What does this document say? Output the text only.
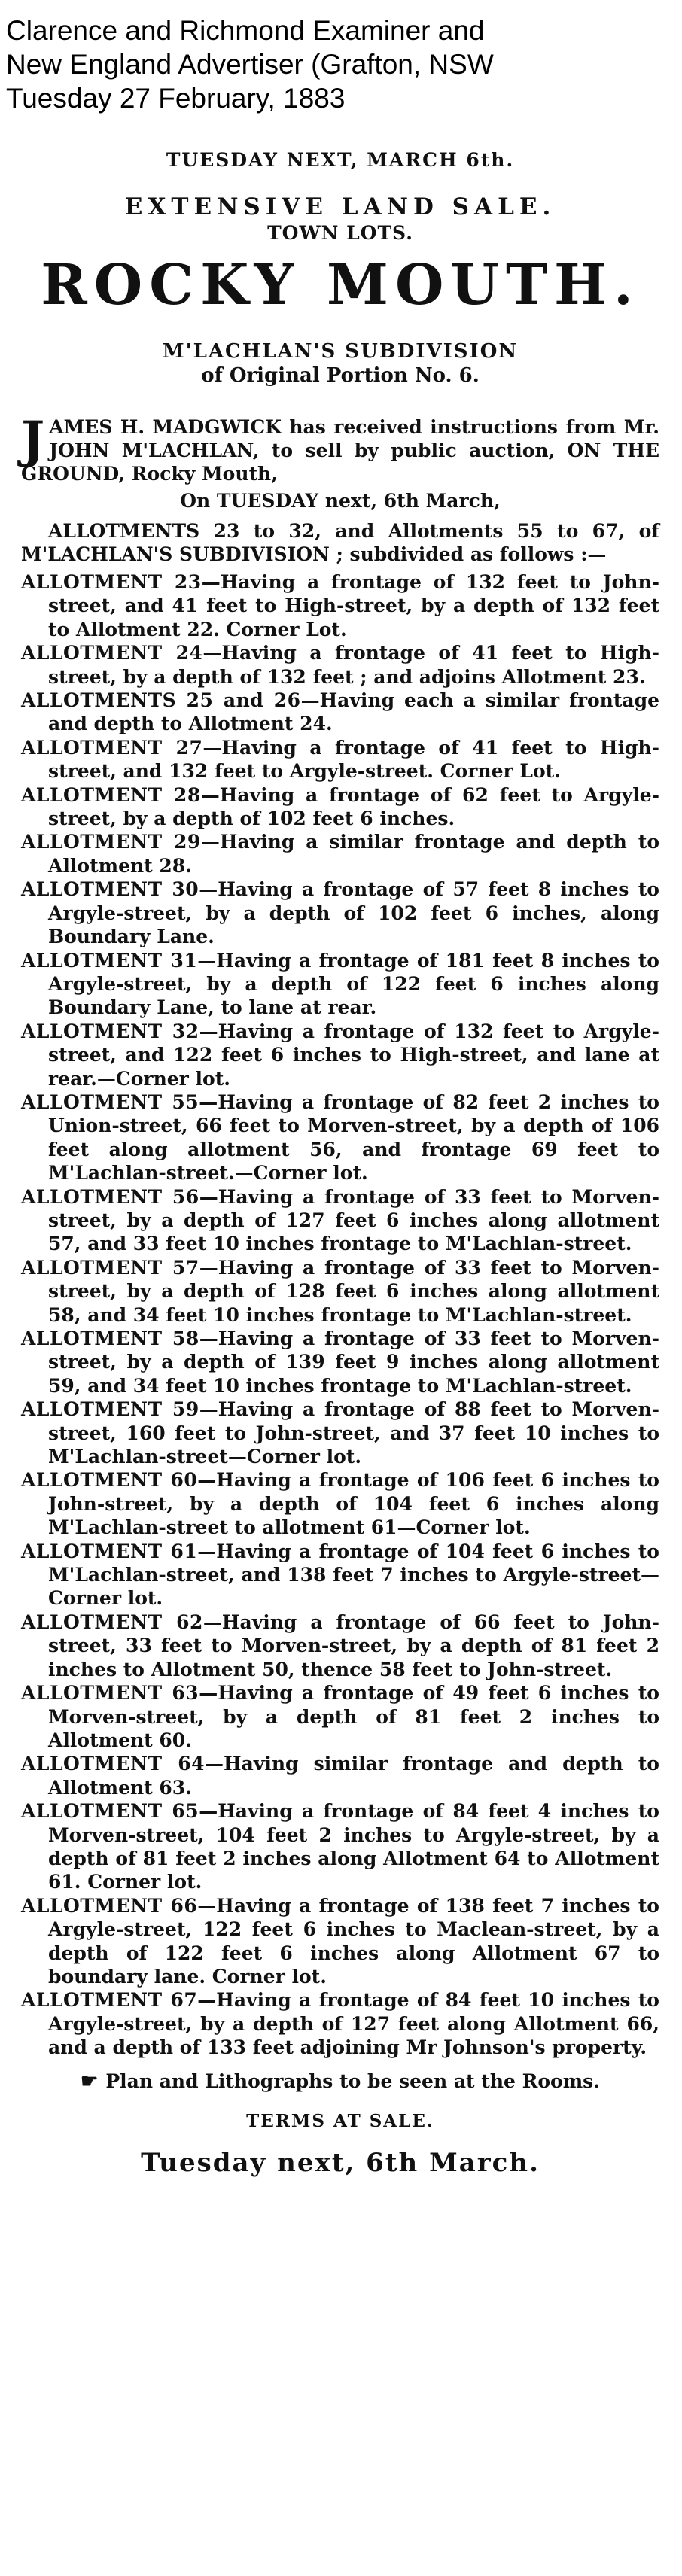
Clarence and Richmond Examiner and
New England Advertiser (Grafton, NSW
Tuesday 27 February, 1883
TUESDAY NEXT, MARCH 6th.
EXTENSIVE LAND SALE.
TOWN LOTS.
ROCKY MOUTH.
M'LACHLAN'S SUBDIVISION
of Original Portion No. 6.
J AMES H. MADGWICK has received instructions from Mr. JOHN M'LACHLAN, to sell by public auction, ON THE GROUND, Rocky Mouth,
On TUESDAY next, 6th March,
ALLOTMENTS 23 to 32, and Allotments 55 to 67, of M'LACHLAN'S SUBDIVISION ; subdivided as follows :—
ALLOTMENT 23—Having a frontage of 132 feet to John-street, and 41 feet to High-street, by a depth of 132 feet to Allotment 22. Corner Lot.
ALLOTMENT 24—Having a frontage of 41 feet to High-street, by a depth of 132 feet ; and adjoins Allotment 23.
ALLOTMENTS 25 and 26—Having each a similar frontage and depth to Allotment 24.
ALLOTMENT 27—Having a frontage of 41 feet to High-street, and 132 feet to Argyle-street. Corner Lot.
ALLOTMENT 28—Having a frontage of 62 feet to Argyle-street, by a depth of 102 feet 6 inches.
ALLOTMENT 29—Having a similar frontage and depth to Allotment 28.
ALLOTMENT 30—Having a frontage of 57 feet 8 inches to Argyle-street, by a depth of 102 feet 6 inches, along Boundary Lane.
ALLOTMENT 31—Having a frontage of 181 feet 8 inches to Argyle-street, by a depth of 122 feet 6 inches along Boundary Lane, to lane at rear.
ALLOTMENT 32—Having a frontage of 132 feet to Argyle-street, and 122 feet 6 inches to High-street, and lane at rear.—Corner lot.
ALLOTMENT 55—Having a frontage of 82 feet 2 inches to Union-street, 66 feet to Morven-street, by a depth of 106 feet along allotment 56, and frontage 69 feet to M'Lachlan-street.—Corner lot.
ALLOTMENT 56—Having a frontage of 33 feet to Morven-street, by a depth of 127 feet 6 inches along allotment 57, and 33 feet 10 inches frontage to M'Lachlan-street.
ALLOTMENT 57—Having a frontage of 33 feet to Morven-street, by a depth of 128 feet 6 inches along allotment 58, and 34 feet 10 inches frontage to M'Lachlan-street.
ALLOTMENT 58—Having a frontage of 33 feet to Morven-street, by a depth of 139 feet 9 inches along allotment 59, and 34 feet 10 inches frontage to M'Lachlan-street.
ALLOTMENT 59—Having a frontage of 88 feet to Morven-street, 160 feet to John-street, and 37 feet 10 inches to M'Lachlan-street—Corner lot.
ALLOTMENT 60—Having a frontage of 106 feet 6 inches to John-street, by a depth of 104 feet 6 inches along M'Lachlan-street to allotment 61—Corner lot.
ALLOTMENT 61—Having a frontage of 104 feet 6 inches to M'Lachlan-street, and 138 feet 7 inches to Argyle-street—Corner lot.
ALLOTMENT 62—Having a frontage of 66 feet to John-street, 33 feet to Morven-street, by a depth of 81 feet 2 inches to Allotment 50, thence 58 feet to John-street.
ALLOTMENT 63—Having a frontage of 49 feet 6 inches to Morven-street, by a depth of 81 feet 2 inches to Allotment 60.
ALLOTMENT 64—Having similar frontage and depth to Allotment 63.
ALLOTMENT 65—Having a frontage of 84 feet 4 inches to Morven-street, 104 feet 2 inches to Argyle-street, by a depth of 81 feet 2 inches along Allotment 64 to Allotment 61. Corner lot.
ALLOTMENT 66—Having a frontage of 138 feet 7 inches to Argyle-street, 122 feet 6 inches to Maclean-street, by a depth of 122 feet 6 inches along Allotment 67 to boundary lane. Corner lot.
ALLOTMENT 67—Having a frontage of 84 feet 10 inches to Argyle-street, by a depth of 127 feet along Allotment 66, and a depth of 133 feet adjoining Mr Johnson's property.
☛ Plan and Lithographs to be seen at the Rooms.
TERMS AT SALE.
Tuesday next, 6th March.
